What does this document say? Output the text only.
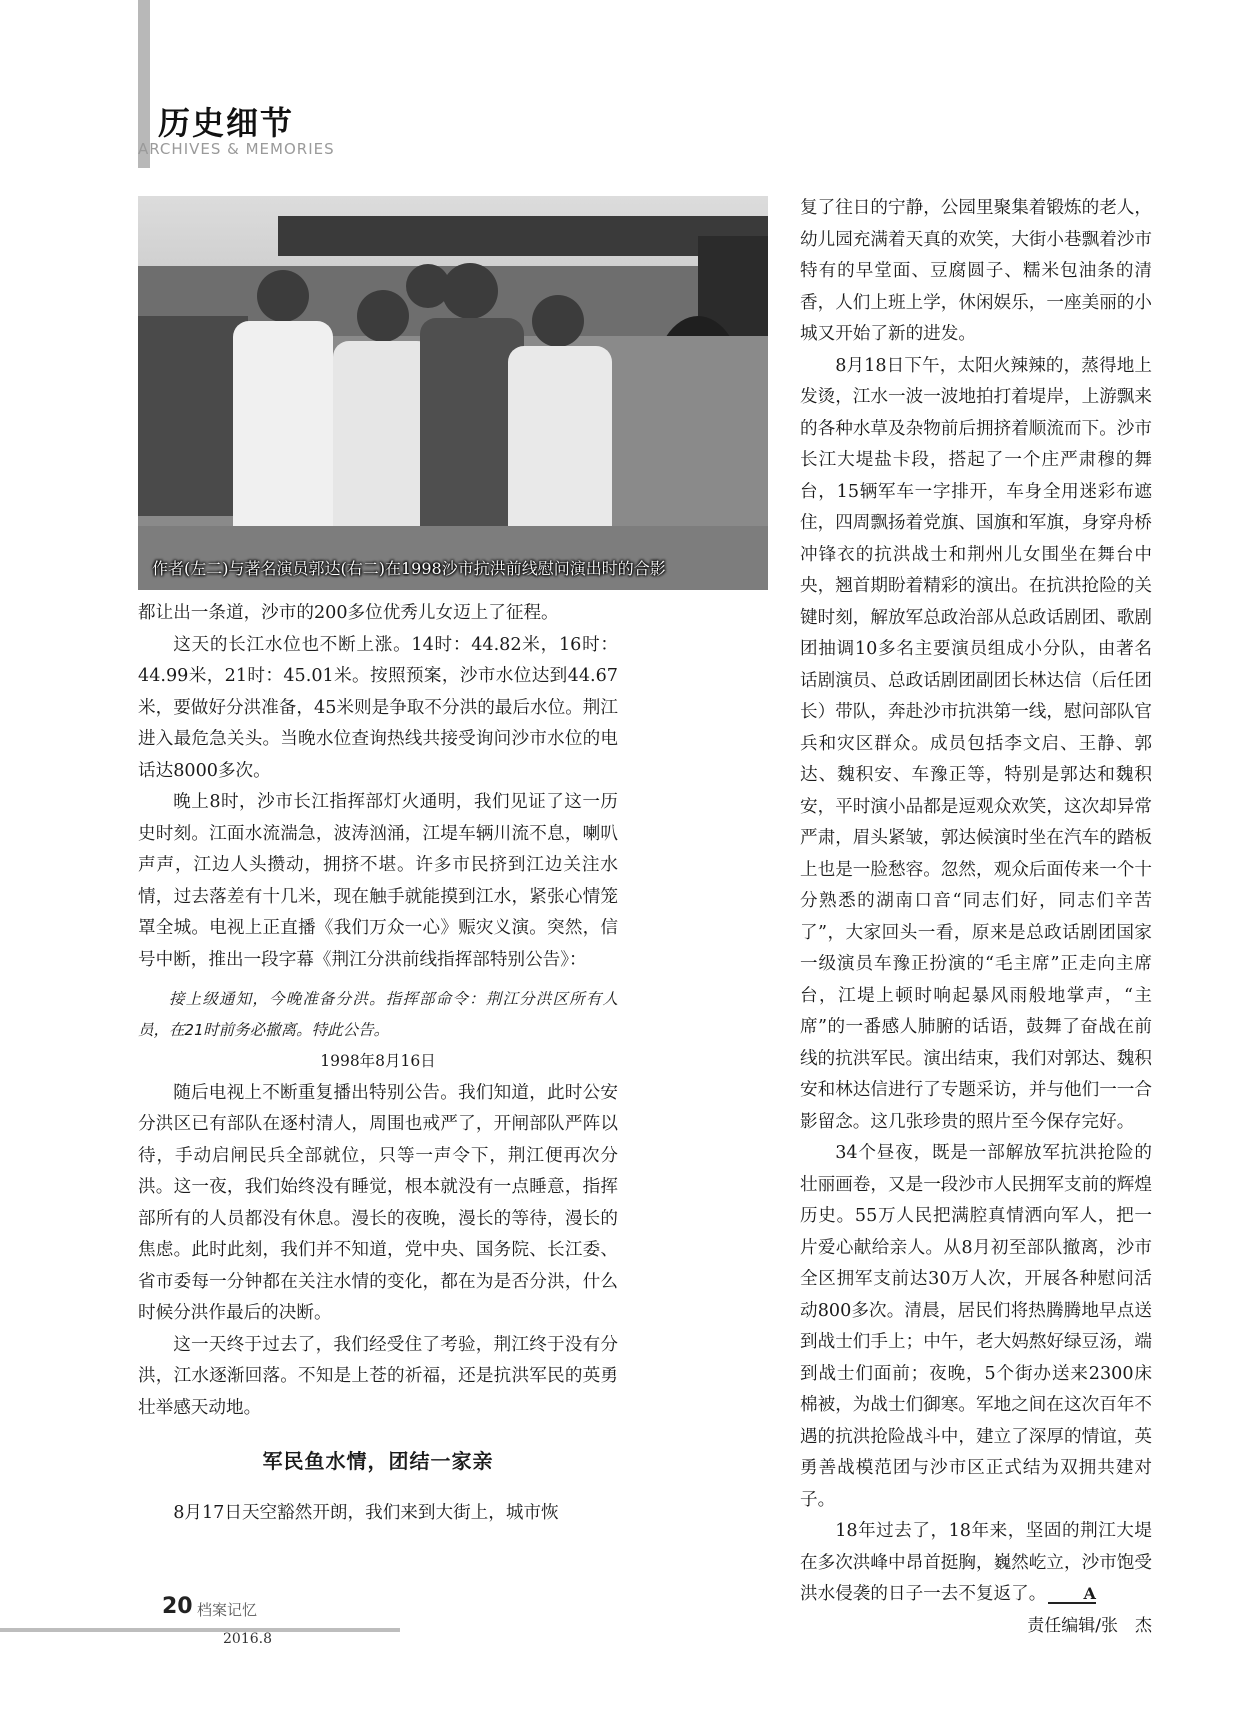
历史细节
ARCHIVES & MEMORIES
作者(左二)与著名演员郭达(右二)在1998沙市抗洪前线慰问演出时的合影

都让出一条道，沙市的200多位优秀儿女迈上了征程。

这天的长江水位也不断上涨。14时：44.82米，16时：44.99米，21时：45.01米。按照预案，沙市水位达到44.67米，要做好分洪准备，45米则是争取不分洪的最后水位。荆江进入最危急关头。当晚水位查询热线共接受询问沙市水位的电话达8000多次。

晚上8时，沙市长江指挥部灯火通明，我们见证了这一历史时刻。江面水流湍急，波涛汹涌，江堤车辆川流不息，喇叭声声，江边人头攒动，拥挤不堪。许多市民挤到江边关注水情，过去落差有十几米，现在触手就能摸到江水，紧张心情笼罩全城。电视上正直播《我们万众一心》赈灾义演。突然，信号中断，推出一段字幕《荆江分洪前线指挥部特别公告》：

接上级通知，今晚准备分洪。指挥部命令：荆江分洪区所有人员，在21时前务必撤离。特此公告。

1998年8月16日

随后电视上不断重复播出特别公告。我们知道，此时公安分洪区已有部队在逐村清人，周围也戒严了，开闸部队严阵以待，手动启闸民兵全部就位，只等一声令下，荆江便再次分洪。这一夜，我们始终没有睡觉，根本就没有一点睡意，指挥部所有的人员都没有休息。漫长的夜晚，漫长的等待，漫长的焦虑。此时此刻，我们并不知道，党中央、国务院、长江委、省市委每一分钟都在关注水情的变化，都在为是否分洪，什么时候分洪作最后的决断。

这一天终于过去了，我们经受住了考验，荆江终于没有分洪，江水逐渐回落。不知是上苍的祈福，还是抗洪军民的英勇壮举感天动地。

军民鱼水情，团结一家亲

8月17日天空豁然开朗，我们来到大街上，城市恢

复了往日的宁静，公园里聚集着锻炼的老人，幼儿园充满着天真的欢笑，大街小巷飘着沙市特有的早堂面、豆腐圆子、糯米包油条的清香，人们上班上学，休闲娱乐，一座美丽的小城又开始了新的进发。

8月18日下午，太阳火辣辣的，蒸得地上发烫，江水一波一波地拍打着堤岸，上游飘来的各种水草及杂物前后拥挤着顺流而下。沙市长江大堤盐卡段，搭起了一个庄严肃穆的舞台，15辆军车一字排开，车身全用迷彩布遮住，四周飘扬着党旗、国旗和军旗，身穿舟桥冲锋衣的抗洪战士和荆州儿女围坐在舞台中央，翘首期盼着精彩的演出。在抗洪抢险的关键时刻，解放军总政治部从总政话剧团、歌剧团抽调10多名主要演员组成小分队，由著名话剧演员、总政话剧团副团长林达信（后任团长）带队，奔赴沙市抗洪第一线，慰问部队官兵和灾区群众。成员包括李文启、王静、郭达、魏积安、车豫正等，特别是郭达和魏积安，平时演小品都是逗观众欢笑，这次却异常严肃，眉头紧皱，郭达候演时坐在汽车的踏板上也是一脸愁容。忽然，观众后面传来一个十分熟悉的湖南口音“同志们好，同志们辛苦了”，大家回头一看，原来是总政话剧团国家一级演员车豫正扮演的“毛主席”正走向主席台，江堤上顿时响起暴风雨般地掌声，“主席”的一番感人肺腑的话语，鼓舞了奋战在前线的抗洪军民。演出结束，我们对郭达、魏积安和林达信进行了专题采访，并与他们一一合影留念。这几张珍贵的照片至今保存完好。

34个昼夜，既是一部解放军抗洪抢险的壮丽画卷，又是一段沙市人民拥军支前的辉煌历史。55万人民把满腔真情洒向军人，把一片爱心献给亲人。从8月初至部队撤离，沙市全区拥军支前达30万人次，开展各种慰问活动800多次。清晨，居民们将热腾腾地早点送到战士们手上；中午，老大妈熬好绿豆汤，端到战士们面前；夜晚，5个街办送来2300床棉被，为战士们御寒。军地之间在这次百年不遇的抗洪抢险战斗中，建立了深厚的情谊，英勇善战模范团与沙市区正式结为双拥共建对子。

18年过去了，18年来，坚固的荆江大堤在多次洪峰中昂首挺胸，巍然屹立，沙市饱受洪水侵袭的日子一去不复返了。 A

责任编辑/张　杰

20 档案记忆
2016.8
